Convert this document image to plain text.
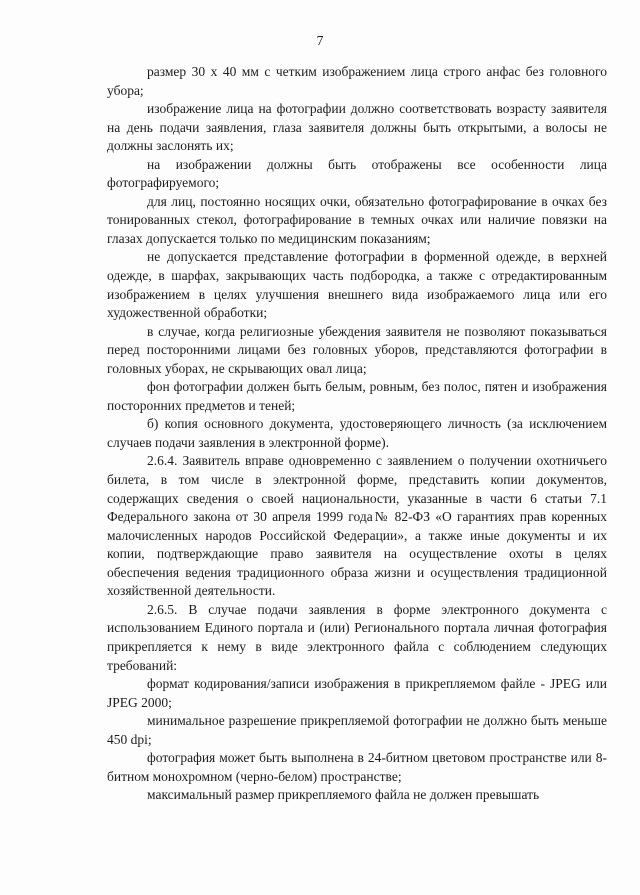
7

размер 30 х 40 мм с четким изображением лица строго анфас без головного убора;

изображение лица на фотографии должно соответствовать возрасту заявителя на день подачи заявления, глаза заявителя должны быть открытыми, а волосы не должны заслонять их;

на изображении должны быть отображены все особенности лица фотографируемого;

для лиц, постоянно носящих очки, обязательно фотографирование в очках без тонированных стекол, фотографирование в темных очках или наличие повязки на глазах допускается только по медицинским показаниям;

не допускается представление фотографии в форменной одежде, в верхней одежде, в шарфах, закрывающих часть подбородка, а также с отредактированным изображением в целях улучшения внешнего вида изображаемого лица или его художественной обработки;

в случае, когда религиозные убеждения заявителя не позволяют показываться перед посторонними лицами без головных уборов, представляются фотографии в головных уборах, не скрывающих овал лица;

фон фотографии должен быть белым, ровным, без полос, пятен и изображения посторонних предметов и теней;

б) копия основного документа, удостоверяющего личность (за исключением случаев подачи заявления в электронной форме).

2.6.4. Заявитель вправе одновременно с заявлением о получении охотничьего билета, в том числе в электронной форме, представить копии документов, содержащих сведения о своей национальности, указанные в части 6 статьи 7.1 Федерального закона от 30 апреля 1999 года№ 82-ФЗ «О гарантиях прав коренных малочисленных народов Российской Федерации», а также иные документы и их копии, подтверждающие право заявителя на осуществление охоты в целях обеспечения ведения традиционного образа жизни и осуществления традиционной хозяйственной деятельности.

2.6.5. В случае подачи заявления в форме электронного документа с использованием Единого портала и (или) Регионального портала личная фотография прикрепляется к нему в виде электронного файла с соблюдением следующих требований:

формат кодирования/записи изображения в прикрепляемом файле - JPEG или JPEG 2000;

минимальное разрешение прикрепляемой фотографии не должно быть меньше 450 dpi;

фотография может быть выполнена в 24-битном цветовом пространстве или 8-битном монохромном (черно-белом) пространстве;

максимальный размер прикрепляемого файла не должен превышать
